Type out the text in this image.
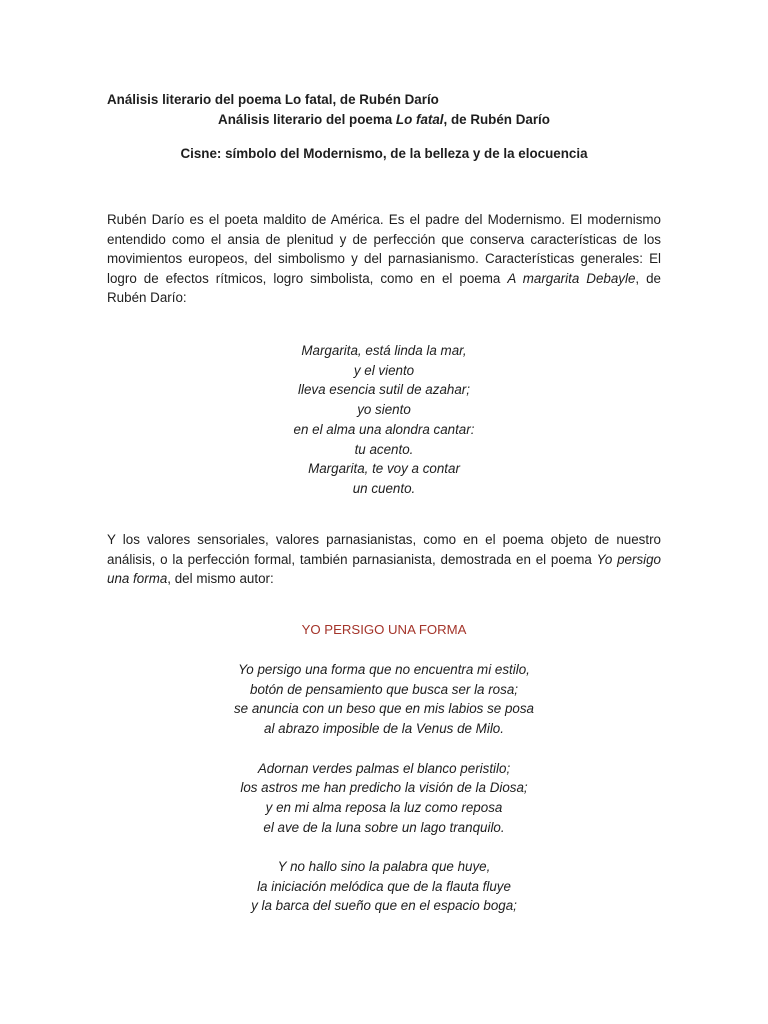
Análisis literario del poema Lo fatal, de Rubén Darío
Análisis literario del poema Lo fatal, de Rubén Darío
Cisne: símbolo del Modernismo, de la belleza y de la elocuencia
Rubén Darío es el poeta maldito de América. Es el padre del Modernismo. El modernismo entendido como el ansia de plenitud y de perfección que conserva características de los movimientos europeos, del simbolismo y del parnasianismo. Características generales: El logro de efectos rítmicos, logro simbolista, como en el poema A margarita Debayle, de Rubén Darío:
Margarita, está linda la mar,
y el viento
lleva esencia sutil de azahar;
yo siento
en el alma una alondra cantar:
tu acento.
Margarita, te voy a contar
un cuento.
Y los valores sensoriales, valores parnasianistas, como en el poema objeto de nuestro análisis, o la perfección formal, también parnasianista, demostrada en el poema Yo persigo una forma, del mismo autor:
YO PERSIGO UNA FORMA
Yo persigo una forma que no encuentra mi estilo,
botón de pensamiento que busca ser la rosa;
se anuncia con un beso que en mis labios se posa
al abrazo imposible de la Venus de Milo.
Adornan verdes palmas el blanco peristilo;
los astros me han predicho la visión de la Diosa;
y en mi alma reposa la luz como reposa
el ave de la luna sobre un lago tranquilo.
Y no hallo sino la palabra que huye,
la iniciación melódica que de la flauta fluye
y la barca del sueño que en el espacio boga;
